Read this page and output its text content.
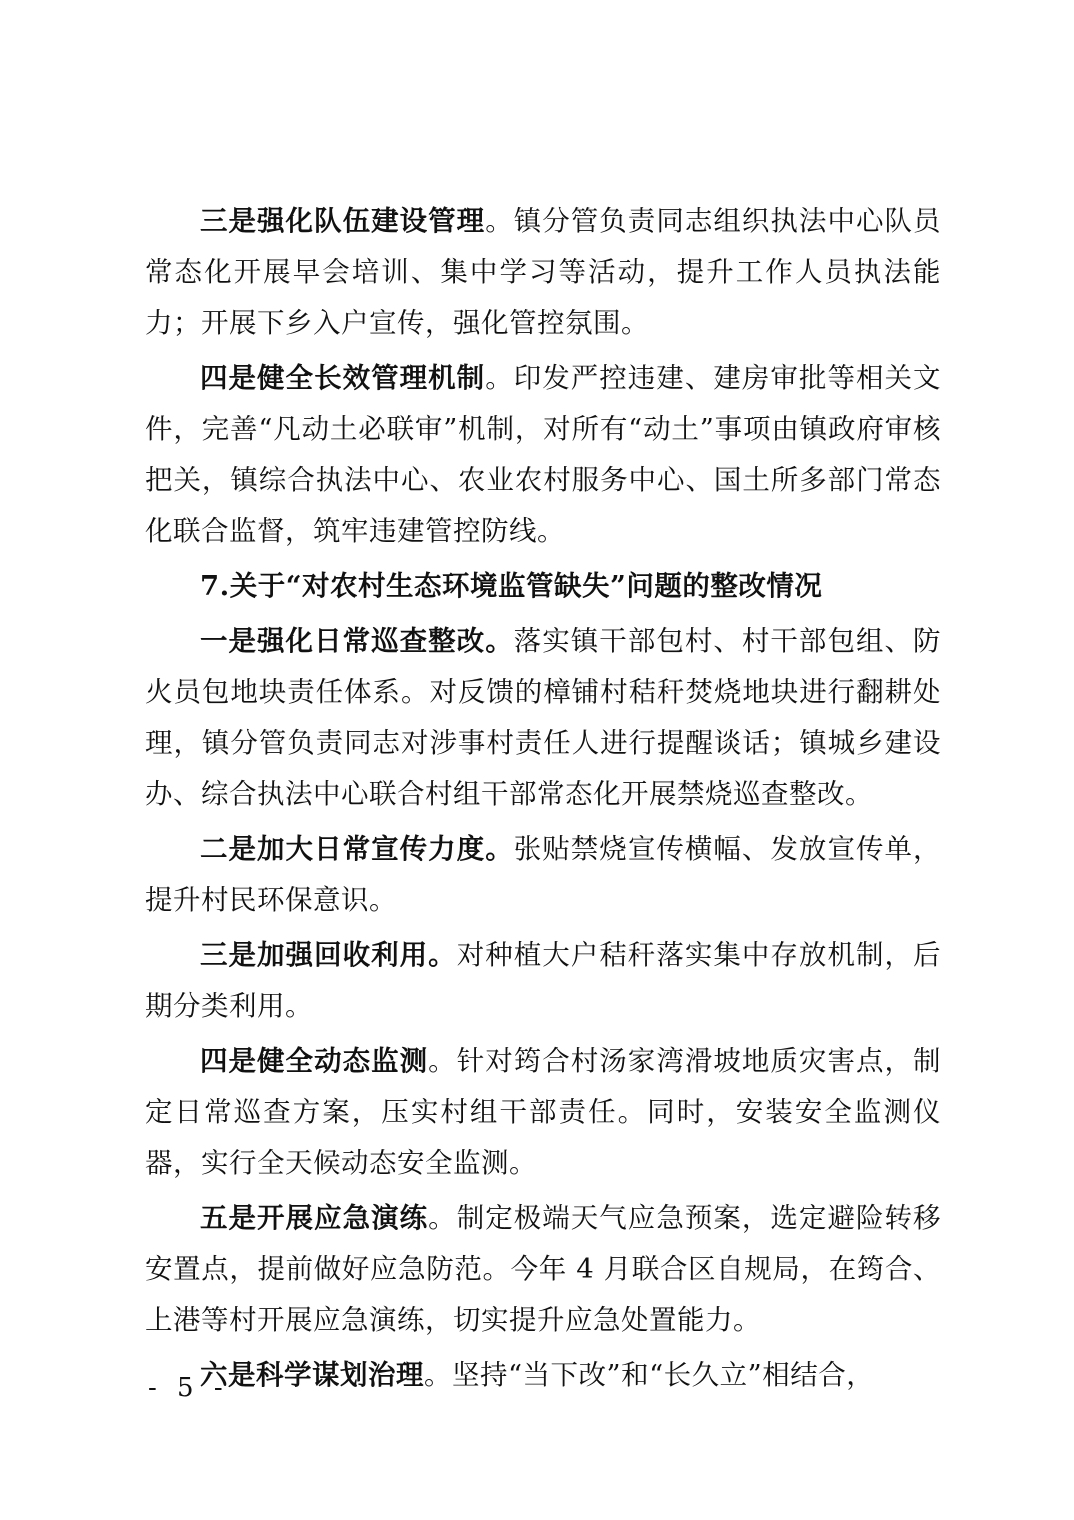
三是强化队伍建设管理。镇分管负责同志组织执法中心队员常态化开展早会培训、集中学习等活动，提升工作人员执法能力；开展下乡入户宣传，强化管控氛围。

四是健全长效管理机制。印发严控违建、建房审批等相关文件，完善“凡动土必联审”机制，对所有“动土”事项由镇政府审核把关，镇综合执法中心、农业农村服务中心、国土所多部门常态化联合监督，筑牢违建管控防线。

7.关于“对农村生态环境监管缺失”问题的整改情况

一是强化日常巡查整改。落实镇干部包村、村干部包组、防火员包地块责任体系。对反馈的樟铺村秸秆焚烧地块进行翻耕处理，镇分管负责同志对涉事村责任人进行提醒谈话；镇城乡建设办、综合执法中心联合村组干部常态化开展禁烧巡查整改。

二是加大日常宣传力度。张贴禁烧宣传横幅、发放宣传单，提升村民环保意识。

三是加强回收利用。对种植大户秸秆落实集中存放机制，后期分类利用。

四是健全动态监测。针对筠合村汤家湾滑坡地质灾害点，制定日常巡查方案，压实村组干部责任。同时，安装安全监测仪器，实行全天候动态安全监测。

五是开展应急演练。制定极端天气应急预案，选定避险转移安置点，提前做好应急防范。今年 4 月联合区自规局，在筠合、上港等村开展应急演练，切实提升应急处置能力。

六是科学谋划治理。坚持“当下改”和“长久立”相结合，

- 5 -
